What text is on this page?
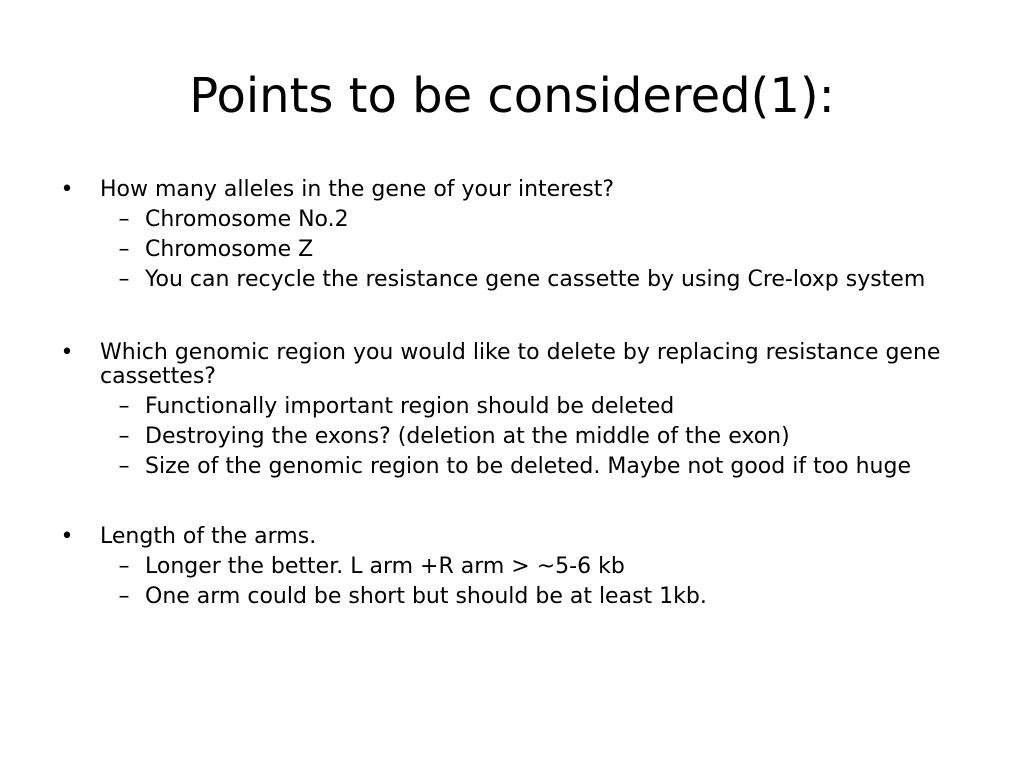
Points to be considered(1):
• How many alleles in the gene of your interest?
– Chromosome No.2
– Chromosome Z
– You can recycle the resistance gene cassette by using Cre-loxp system
• Which genomic region you would like to delete by replacing resistance gene cassettes?
– Functionally important region should be deleted
– Destroying the exons? (deletion at the middle of the exon)
– Size of the genomic region to be deleted. Maybe not good if too huge
• Length of the arms.
– Longer the better. L arm +R arm > ~5-6 kb
– One arm could be short but should be at least 1kb.
